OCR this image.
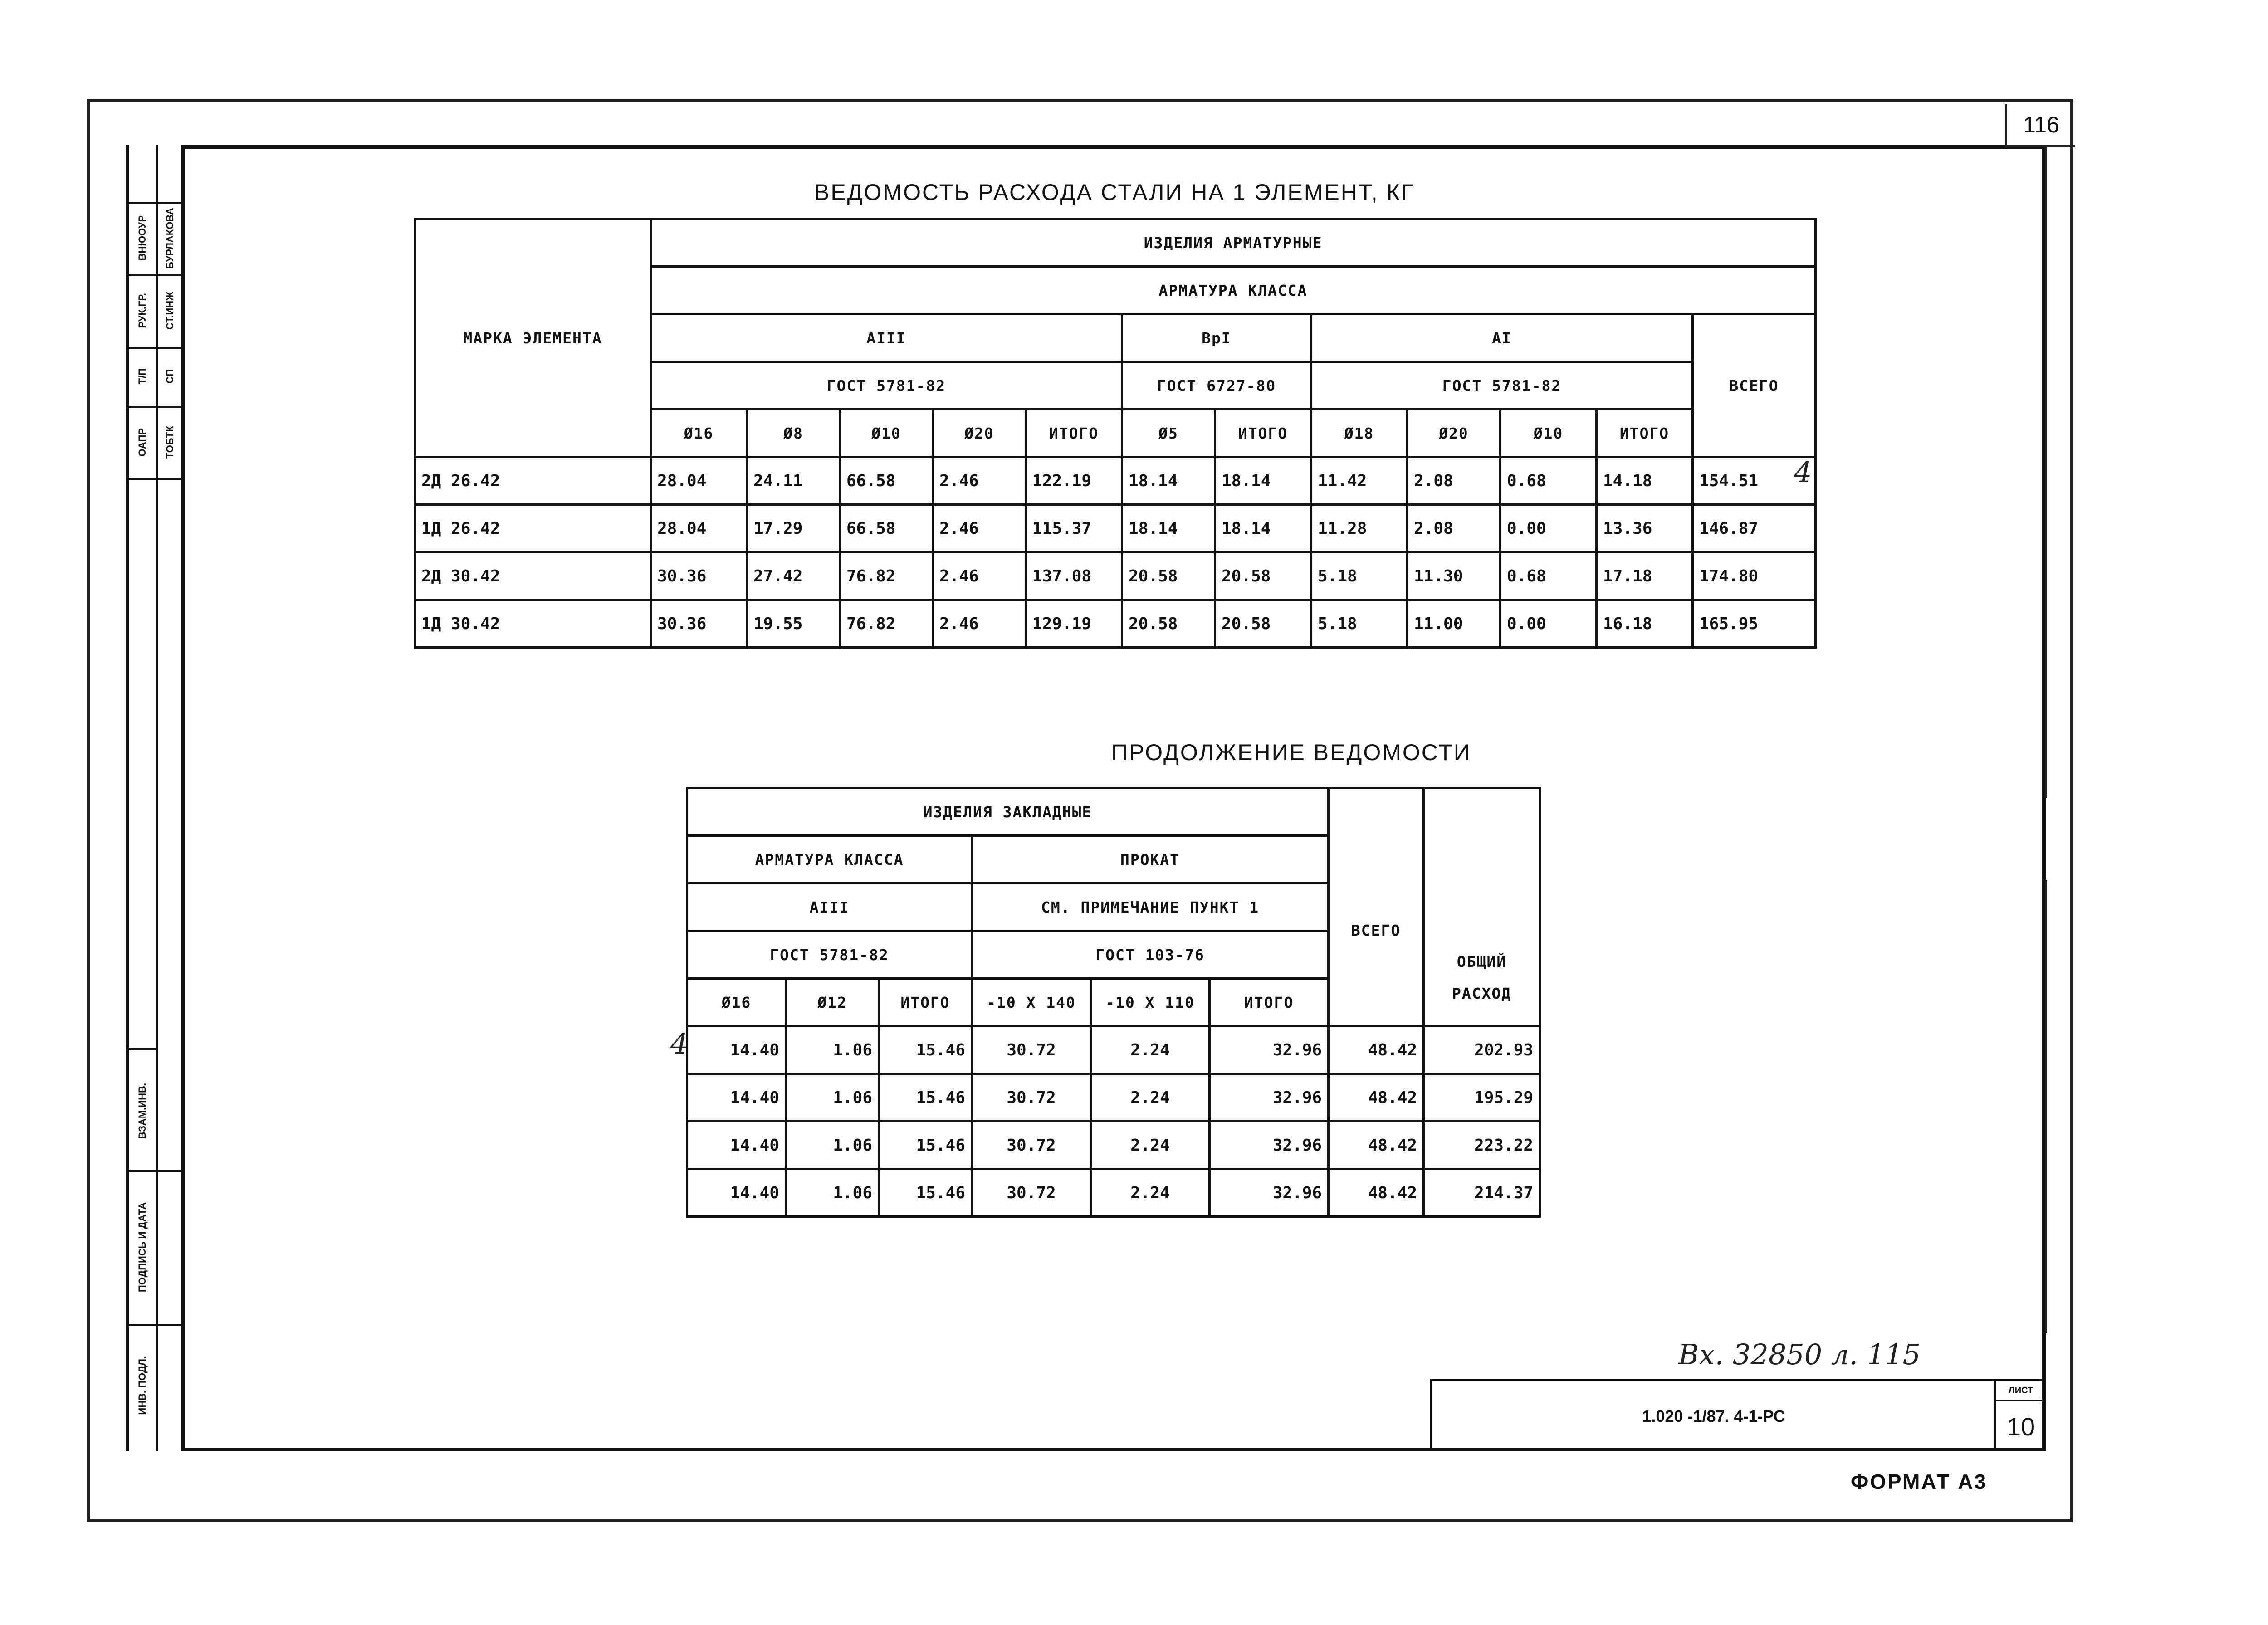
116
ВНЮОУР БУРЛАКОВА
РУК.ГР. СТ.ИНЖ
Т/П СП
ОАПР ТОБТК
ВЗАМ.ИНВ.
ПОДПИСЬ И ДАТА
ИНВ. ПОДЛ.
ВЕДОМОСТЬ РАСХОДА СТАЛИ НА 1 ЭЛЕМЕНТ, КГ
МАРКА ЭЛЕМЕНТА	ИЗДЕЛИЯ АРМАТУРНЫЕ											
	АРМАТУРА КЛАССА											
	АIII					ВрI		АI				ВСЕГО
	ГОСТ 5781-82					ГОСТ 6727-80		ГОСТ 5781-82				
	Ø16	Ø8	Ø10	Ø20	ИТОГО	Ø5	ИТОГО	Ø18	Ø20	Ø10	ИТОГО	
2Д 26.42	28.04	24.11	66.58	2.46	122.19	18.14	18.14	11.42	2.08	0.68	14.18	154.51
1Д 26.42	28.04	17.29	66.58	2.46	115.37	18.14	18.14	11.28	2.08	0.00	13.36	146.87
2Д 30.42	30.36	27.42	76.82	2.46	137.08	20.58	20.58	5.18	11.30	0.68	17.18	174.80
1Д 30.42	30.36	19.55	76.82	2.46	129.19	20.58	20.58	5.18	11.00	0.00	16.18	165.95
4
ПРОДОЛЖЕНИЕ ВЕДОМОСТИ
ИЗДЕЛИЯ ЗАКЛАДНЫЕ							
АРМАТУРА КЛАССА			ПРОКАТ			ВСЕГО	
АIII			СМ. ПРИМЕЧАНИЕ ПУНКТ 1				
ГОСТ 5781-82			ГОСТ 103-76				ОБЩИЙ РАСХОД
Ø16	Ø12	ИТОГО	-10 Х 140	-10 Х 110	ИТОГО		
14.40	1.06	15.46	30.72	2.24	32.96	48.42	202.93
14.40	1.06	15.46	30.72	2.24	32.96	48.42	195.29
14.40	1.06	15.46	30.72	2.24	32.96	48.42	223.22
14.40	1.06	15.46	30.72	2.24	32.96	48.42	214.37
4
Вх. 32850 л. 115
1.020 -1/87. 4-1-РС
ЛИСТ
10
ФОРМАТ А3
